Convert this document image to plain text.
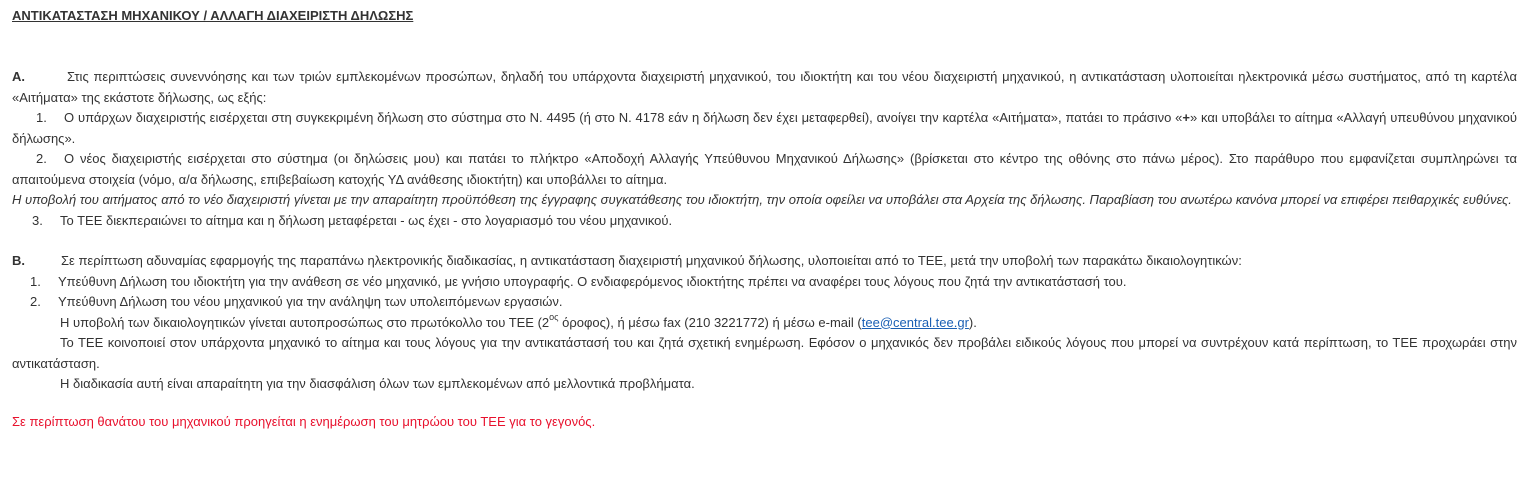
ΑΝΤΙΚΑΤΑΣΤΑΣΗ ΜΗΧΑΝΙΚΟΥ / ΑΛΛΑΓΗ ΔΙΑΧΕΙΡΙΣΤΗ ΔΗΛΩΣΗΣ
Α.	Στις περιπτώσεις συνεννόησης και των τριών εμπλεκομένων προσώπων, δηλαδή του υπάρχοντα διαχειριστή μηχανικού, του ιδιοκτήτη και του νέου διαχειριστή μηχανικού, η αντικατάσταση υλοποιείται ηλεκτρονικά μέσω συστήματος, από τη καρτέλα «Αιτήματα» της εκάστοτε δήλωσης, ως εξής:
1. Ο υπάρχων διαχειριστής εισέρχεται στη συγκεκριμένη δήλωση στο σύστημα στο Ν. 4495 (ή στο Ν. 4178 εάν η δήλωση δεν έχει μεταφερθεί), ανοίγει την καρτέλα «Αιτήματα», πατάει το πράσινο «+» και υποβάλει το αίτημα «Αλλαγή υπευθύνου μηχανικού δήλωσης».
2. Ο νέος διαχειριστής εισέρχεται στο σύστημα (οι δηλώσεις μου) και πατάει το πλήκτρο «Αποδοχή Αλλαγής Υπεύθυνου Μηχανικού Δήλωσης» (βρίσκεται στο κέντρο της οθόνης στο πάνω μέρος). Στο παράθυρο που εμφανίζεται συμπληρώνει τα απαιτούμενα στοιχεία (νόμο, α/α δήλωσης, επιβεβαίωση κατοχής ΥΔ ανάθεσης ιδιοκτήτη) και υποβάλλει το αίτημα.
Η υποβολή του αιτήματος από το νέο διαχειριστή γίνεται με την απαραίτητη προϋπόθεση της έγγραφης συγκατάθεσης του ιδιοκτήτη, την οποία οφείλει να υποβάλει στα Αρχεία της δήλωσης. Παραβίαση του ανωτέρω κανόνα μπορεί να επιφέρει πειθαρχικές ευθύνες.
3. Το ΤΕΕ διεκπεραιώνει το αίτημα και η δήλωση μεταφέρεται - ως έχει - στο λογαριασμό του νέου μηχανικού.
Β.	Σε περίπτωση αδυναμίας εφαρμογής της παραπάνω ηλεκτρονικής διαδικασίας, η αντικατάσταση διαχειριστή μηχανικού δήλωσης, υλοποιείται από το ΤΕΕ, μετά την υποβολή των παρακάτω δικαιολογητικών:
1. Υπεύθυνη Δήλωση του ιδιοκτήτη για την ανάθεση σε νέο μηχανικό, με γνήσιο υπογραφής. Ο ενδιαφερόμενος ιδιοκτήτης πρέπει να αναφέρει τους λόγους που ζητά την αντικατάστασή του.
2. Υπεύθυνη Δήλωση του νέου μηχανικού για την ανάληψη των υπολειπόμενων εργασιών.
Η υποβολή των δικαιολογητικών γίνεται αυτοπροσώπως στο πρωτόκολλο του ΤΕΕ ($2^{o\varsigma}$ όροφος), ή μέσω fax (210 3221772) ή μέσω e-mail (tee@central.tee.gr).
Το ΤΕΕ κοινοποιεί στον υπάρχοντα μηχανικό το αίτημα και τους λόγους για την αντικατάστασή του και ζητά σχετική ενημέρωση. Εφόσον ο μηχανικός δεν προβάλει ειδικούς λόγους που μπορεί να συντρέχουν κατά περίπτωση, το ΤΕΕ προχωράει στην αντικατάσταση.
Η διαδικασία αυτή είναι απαραίτητη για την διασφάλιση όλων των εμπλεκομένων από μελλοντικά προβλήματα.
Σε περίπτωση θανάτου του μηχανικού προηγείται η ενημέρωση του μητρώου του ΤΕΕ για το γεγονός.
